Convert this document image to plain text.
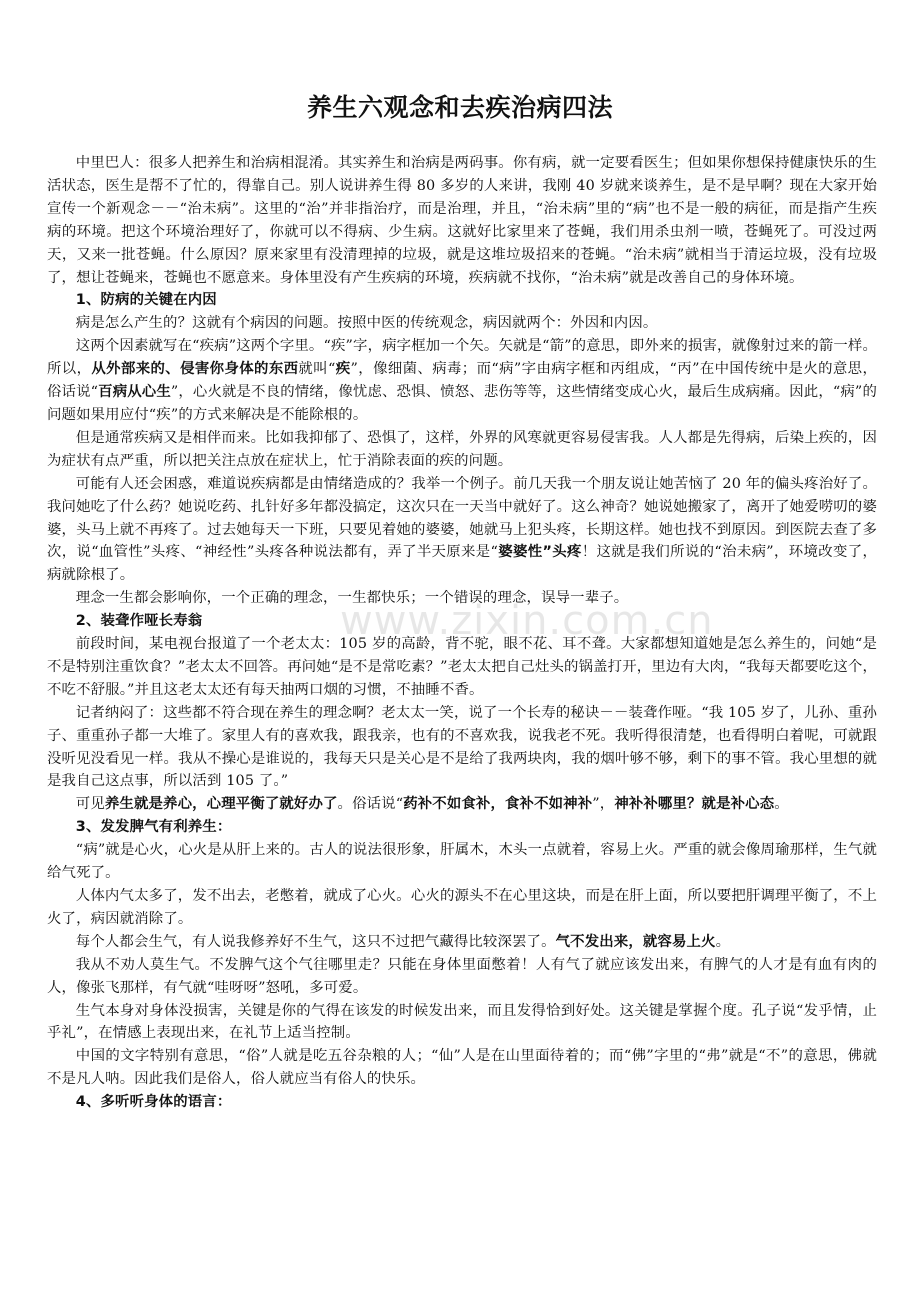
养生六观念和去疾治病四法
www.zixin.com.cn

中里巴人：很多人把养生和治病相混淆。其实养生和治病是两码事。你有病，就一定要看医生；但如果你想保持健康快乐的生活状态，医生是帮不了忙的，得靠自己。别人说讲养生得 80 多岁的人来讲，我刚 40 岁就来谈养生，是不是早啊？现在大家开始宣传一个新观念－－“治未病”。这里的“治”并非指治疗，而是治理，并且，“治未病”里的“病”也不是一般的病征，而是指产生疾病的环境。把这个环境治理好了，你就可以不得病、少生病。这就好比家里来了苍蝇，我们用杀虫剂一喷，苍蝇死了。可没过两天，又来一批苍蝇。什么原因？原来家里有没清理掉的垃圾，就是这堆垃圾招来的苍蝇。“治未病”就相当于清运垃圾，没有垃圾了，想让苍蝇来，苍蝇也不愿意来。身体里没有产生疾病的环境，疾病就不找你，“治未病”就是改善自己的身体环境。

1、防病的关键在内因

病是怎么产生的？这就有个病因的问题。按照中医的传统观念，病因就两个：外因和内因。

这两个因素就写在“疾病”这两个字里。“疾”字，病字框加一个矢。矢就是“箭”的意思，即外来的损害，就像射过来的箭一样。所以，从外部来的、侵害你身体的东西就叫“疾”，像细菌、病毒；而“病”字由病字框和丙组成，“丙”在中国传统中是火的意思，俗话说“百病从心生”，心火就是不良的情绪，像忧虑、恐惧、愤怒、悲伤等等，这些情绪变成心火，最后生成病痛。因此，“病”的问题如果用应付“疾”的方式来解决是不能除根的。

但是通常疾病又是相伴而来。比如我抑郁了、恐惧了，这样，外界的风寒就更容易侵害我。人人都是先得病，后染上疾的，因为症状有点严重，所以把关注点放在症状上，忙于消除表面的疾的问题。

可能有人还会困惑，难道说疾病都是由情绪造成的？我举一个例子。前几天我一个朋友说让她苦恼了 20 年的偏头疼治好了。我问她吃了什么药？她说吃药、扎针好多年都没搞定，这次只在一天当中就好了。这么神奇？她说她搬家了，离开了她爱唠叨的婆婆，头马上就不再疼了。过去她每天一下班，只要见着她的婆婆，她就马上犯头疼，长期这样。她也找不到原因。到医院去查了多次，说“血管性”头疼、“神经性”头疼各种说法都有，弄了半天原来是“婆婆性”头疼！这就是我们所说的“治未病”，环境改变了，病就除根了。

理念一生都会影响你，一个正确的理念，一生都快乐；一个错误的理念，误导一辈子。

2、装聋作哑长寿翁

前段时间，某电视台报道了一个老太太：105 岁的高龄，背不驼，眼不花、耳不聋。大家都想知道她是怎么养生的，问她“是不是特别注重饮食？”老太太不回答。再问她“是不是常吃素？”老太太把自己灶头的锅盖打开，里边有大肉，“我每天都要吃这个，不吃不舒服。”并且这老太太还有每天抽两口烟的习惯，不抽睡不香。

记者纳闷了：这些都不符合现在养生的理念啊？老太太一笑，说了一个长寿的秘诀－－装聋作哑。“我 105 岁了，儿孙、重孙子、重重孙子都一大堆了。家里人有的喜欢我，跟我亲，也有的不喜欢我，说我老不死。我听得很清楚，也看得明白着呢，可就跟没听见没看见一样。我从不操心是谁说的，我每天只是关心是不是给了我两块肉，我的烟叶够不够，剩下的事不管。我心里想的就是我自己这点事，所以活到 105 了。”

可见养生就是养心，心理平衡了就好办了。俗话说“药补不如食补，食补不如神补”，神补补哪里？就是补心态。

3、发发脾气有利养生：

“病”就是心火，心火是从肝上来的。古人的说法很形象，肝属木，木头一点就着，容易上火。严重的就会像周瑜那样，生气就给气死了。

人体内气太多了，发不出去，老憋着，就成了心火。心火的源头不在心里这块，而是在肝上面，所以要把肝调理平衡了，不上火了，病因就消除了。

每个人都会生气，有人说我修养好不生气，这只不过把气藏得比较深罢了。气不发出来，就容易上火。

我从不劝人莫生气。不发脾气这个气往哪里走？只能在身体里面憋着！人有气了就应该发出来，有脾气的人才是有血有肉的人，像张飞那样，有气就“哇呀呀”怒吼，多可爱。

生气本身对身体没损害，关键是你的气得在该发的时候发出来，而且发得恰到好处。这关键是掌握个度。孔子说“发乎情，止乎礼”，在情感上表现出来，在礼节上适当控制。

中国的文字特别有意思，“俗”人就是吃五谷杂粮的人；“仙”人是在山里面待着的；而“佛”字里的“弗”就是“不”的意思，佛就不是凡人呐。因此我们是俗人，俗人就应当有俗人的快乐。

4、多听听身体的语言：
